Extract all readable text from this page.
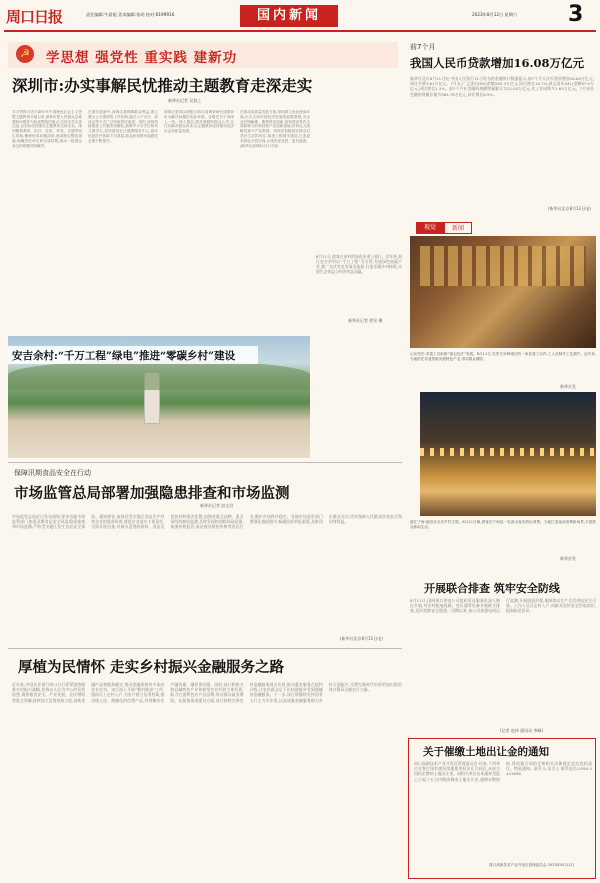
周口日报	责任编辑:牛晨旭 美术编辑:张玥 校对:6199916	国内新闻	2023年8月12日 星期六 3
☭	学思想 强党性 重实践 建新功
深圳市:办实事解民忧推动主题教育走深走实
新华社记者 吴春之
学习贯彻习近平新时代中国特色社会主义思想主题教育开展以来,深圳市把人民群众急难愁盼问题作为检视整改的重点,坚持边学边查边改,以实际成效推动主题教育走深走实。深圳聚焦教育、医疗、住房、养老、交通等民生领域,梳理形成问题清单,逐项制定整改措施,明确责任单位和完成时限,推动一批群众身边的难题得到解决。
在城市更新中,深圳注重保障群众利益,建立健全公开透明的工作机制,通过入户走访、座谈会等方式广泛听取居民意见。同时,深圳持续推进公共服务均衡化,新增中小学学位和幼儿园学位,加快建设社区健康服务中心,推动优质医疗资源下沉基层,群众获得感幸福感安全感不断提升。
深圳还坚持以问题为导向,将调查研究成果转化为解决问题的实际举措。各级党员干部深入一线、深入基层,面对面倾听群众心声,实打实解决群众诉求,以主题教育成效推动经济社会高质量发展。
在推动高质量发展方面,深圳着力优化营商环境,出台支持民营经济发展的政策措施,为企业纾困解难。聚焦科技创新,加快建设具有全球影响力的科技和产业创新高地,培育壮大战略性新兴产业集群。深圳还积极回应群众对美好生活的向往,推进公园城市建设,打造更多绿色开放空间,让城市更宜居、更有温度。(新华社深圳8月11日电)
安吉余村:“千万工程”绿电”推进“零碳乡村”建设
8月11日,游客在余村的绿色步道上骑行。近年来,浙江安吉余村以“千万工程”为引领,发展绿色低碳产业,推广光伏发电等清洁能源,打造零碳乡村样板,实现生态效益与经济效益双赢。
新华社记者 徐昱 摄
前7个月
我国人民币贷款增加16.08万亿元
新华社北京8月11日电 中国人民银行11日发布的金融统计数据显示,前7个月人民币贷款增加16.08万亿元,同比多增1.61万亿元。7月末,广义货币(M2)余额285.4万亿元,同比增长10.7%;狭义货币(M1)余额67.9万亿元,同比增长2.3%。前7个月社会融资规模增量累计为22.05万亿元,比上年同期多1.65万亿元。7月末社会融资规模存量为365.78万亿元,同比增长8.9%。
(新华社北京8月11日电)
视觉	新闻
山东枣庄:非遗工坊助推“指尖经济”发展。8月11日,在枣庄市峄城区的一家非遗工坊内,工人在制作工艺葫芦。近年来,当地依托非遗资源发展特色产业,带动群众增收。
新华社发
浙江宁海:夜经济点亮乡村文旅。8月11日晚,游客在宁海县一处滨水夜市游玩消费。当地打造夜间消费新场景,丰富群众休闲生活。
新华社发
保障汛期食品安全在行动
市场监管总局部署加强隐患排查和市场监测
新华社记者 赵文君
市场监管总局近日发布通知,要求各地市场监管部门加强汛期食品安全风险隐患排查和市场监测,严防受灾地区发生食品安全事故。通知要求,加强对受灾地区食品生产经营企业的监督检查,督促企业落实主体责任,全面开展自查,对被水浸泡的原料、食品及包装材料依法处置;加强对重点品种、重点场所的抽检监测,及时发现和消除风险隐患;加强价格监管,依法查处哄抬价格等违法行为,维护市场秩序稳定。各地市场监管部门要强化值班值守,畅通投诉举报渠道,及时回应群众关切,切实保障人民群众饮食安全和切身利益。
(新华社北京8月11日电)
开展联合排查 筑牢安全防线
8月11日,国网周口供电公司组织党员服务队深入辖区乡镇,对农村配电线路、变压器等设备开展联合排查,及时消除安全隐患。汛期以来,该公司加强电网运行监测,开展隐患治理,保障群众生产生活用电安全可靠。工作人员还走村入户,向群众宣传安全用电知识,提高防范意识。
(记者 赵伟 通讯员 李峰)
厚植为民情怀 走实乡村振兴金融服务之路
近年来,中国农业银行周口分行紧紧围绕服务乡村振兴战略,坚持以人民为中心的发展思想,聚焦粮食安全、产业发展、农民增收等重点领域,持续加大信贷投放力度,创新金融产品和服务模式,推动金融资源更多流向农业农村。该行深入开展“整村推进”工作,组织员工走村入户,为农户建立信用档案,推出线上化、便捷化的信贷产品,有效解决农户融资难、融资贵问题。同时,该行积极支持县域特色产业和新型农业经营主体发展,助力打造特色农产品品牌,带动群众就业增收。在服务渠道建设方面,该行持续完善农村金融服务网点布局,推动惠农服务点提档升级,让农民群众足不出村就能享受到便捷的金融服务。下一步,该行将继续发挥国有大行主力军作用,以高质量金融服务助力乡村全面振兴,为谱写新时代中原更加出彩的周口篇章贡献农行力量。
关于催缴土地出让金的通知
周口高新技术产业开发区管理委员会:经查,下列单位在签订国有建设用地使用权出让合同后,未按合同约定缴纳土地出让金。请相关单位自本通知见报之日起十五日内缴清剩余土地出让金,逾期未缴纳的,将依据合同约定和相关法律规定追究违约责任。特此通知。联系人:宋女士 联系电话:0394-5441696
周口高新技术产业开发区管理委员会 2023年8月11日
